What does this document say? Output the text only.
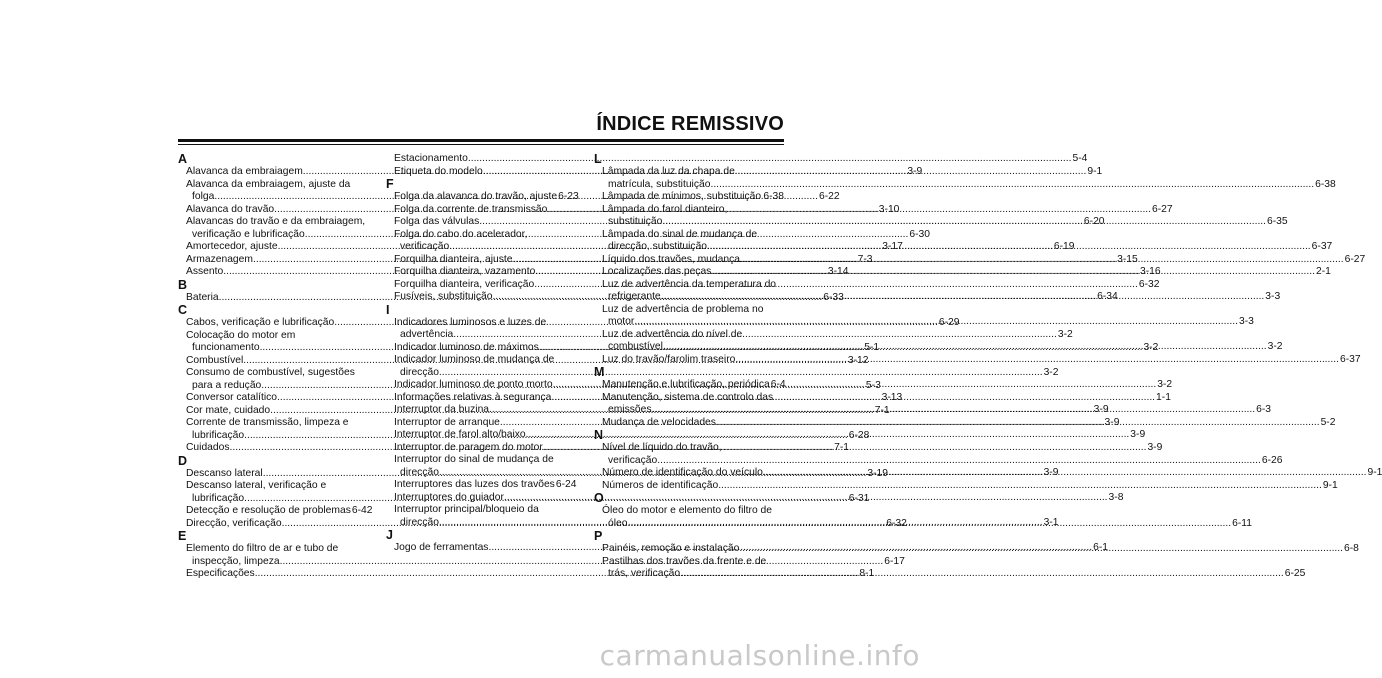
ÍNDICE REMISSIVO
A
Alavanca da embraiagem .....	3-9
Alavanca da embraiagem, ajuste da
folga .....	6-22
Alavanca do travão .....	3-10
Alavancas do travão e da embraiagem,
verificação e lubrificação .....	6-30
Amortecedor, ajuste .....	3-17
Armazenagem .....	7-3
Assento .....	3-14
B
Bateria .....	6-33
C
Cabos, verificação e lubrificação .....	6-29
Colocação do motor em
funcionamento .....	5-1
Combustível .....	3-12
Consumo de combustível, sugestões
para a redução .....	5-3
Conversor catalítico .....	3-13
Cor mate, cuidado .....	7-1
Corrente de transmissão, limpeza e
lubrificação .....	6-28
Cuidados .....	7-1
D
Descanso lateral .....	3-19
Descanso lateral, verificação e
lubrificação .....	6-31
Detecção e resolução de problemas 6-42
Direcção, verificação .....	6-32
E
Elemento do filtro de ar e tubo de
inspecção, limpeza .....	6-17
Especificações .....	8-1
Estacionamento .....	5-4
Etiqueta do modelo .....	9-1
F
Folga da alavanca do travão, ajuste 6-23
Folga da corrente de transmissão .....	6-27
Folga das válvulas .....	6-20
Folga do cabo do acelerador,
verificação .....	6-19
Forquilha dianteira, ajuste .....	3-15
Forquilha dianteira, vazamento .....	3-16
Forquilha dianteira, verificação .....	6-32
Fusíveis, substituição .....	6-34
I
Indicadores luminosos e luzes de
advertência .....	3-2
Indicador luminoso de máximos .....	3-2
Indicador luminoso de mudança de
direcção .....	3-2
Indicador luminoso de ponto morto .....	3-2
Informações relativas à segurança .....	1-1
Interruptor da buzina .....	3-9
Interruptor de arranque .....	3-9
Interruptor de farol alto/baixo .....	3-9
Interruptor de paragem do motor .....	3-9
Interruptor do sinal de mudança de
direcção .....	3-9
Interruptores das luzes dos travões 6-24
Interruptores do guiador .....	3-8
Interruptor principal/bloqueio da
direcção .....	3-1
J
Jogo de ferramentas .....	6-1
L
Lâmpada da luz da chapa de
matrícula, substituição .....	6-38
Lâmpada de mínimos, substituição ..... 6-38
Lâmpada do farol dianteiro,
substituição .....	6-35
Lâmpada do sinal de mudança de
direcção, substituição .....	6-37
Líquido dos travões, mudança .....	6-27
Localizações das peças .....	2-1
Luz de advertência da temperatura do
refrigerante .....	3-3
Luz de advertência de problema no
motor .....	3-3
Luz de advertência do nível de
combustível .....	3-2
Luz do travão/farolim traseiro .....	6-37
M
Manutenção e lubrificação, periódica 6-4
Manutenção, sistema de controlo das
emissões .....	6-3
Mudança de velocidades .....	5-2
N
Nível de líquido do travão,
verificação .....	6-26
Número de identificação do veículo .....	9-1
Números de identificação .....	9-1
O
Óleo do motor e elemento do filtro de
óleo .....	6-11
P
Painéis, remoção e instalação .....	6-8
Pastilhas dos travões da frente e de
trás, verificação .....	6-25
carmanualsonline.info
